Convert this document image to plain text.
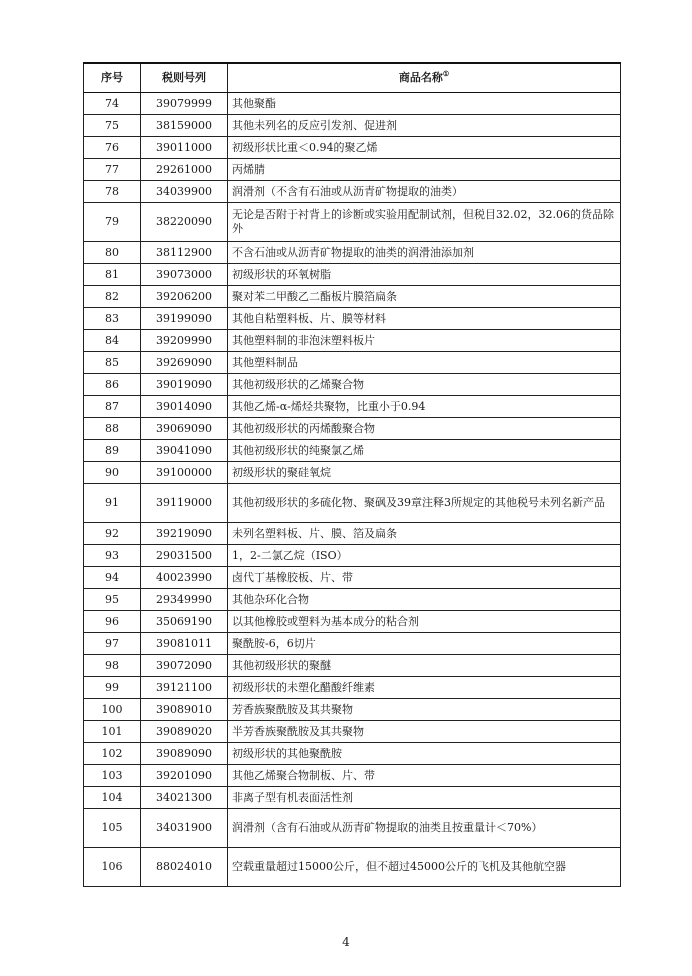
序号	税则号列	商品名称①
74	39079999	其他聚酯
75	38159000	其他未列名的反应引发剂、促进剂
76	39011000	初级形状比重＜0.94的聚乙烯
77	29261000	丙烯腈
78	34039900	润滑剂（不含有石油或从沥青矿物提取的油类）
79	38220090	无论是否附于衬背上的诊断或实验用配制试剂，但税目32.02，32.06的货品除外
80	38112900	不含石油或从沥青矿物提取的油类的润滑油添加剂
81	39073000	初级形状的环氧树脂
82	39206200	聚对苯二甲酸乙二酯板片膜箔扁条
83	39199090	其他自粘塑料板、片、膜等材料
84	39209990	其他塑料制的非泡沫塑料板片
85	39269090	其他塑料制品
86	39019090	其他初级形状的乙烯聚合物
87	39014090	其他乙烯-α-烯烃共聚物，比重小于0.94
88	39069090	其他初级形状的丙烯酸聚合物
89	39041090	其他初级形状的纯聚氯乙烯
90	39100000	初级形状的聚硅氧烷
91	39119000	其他初级形状的多硫化物、聚砜及39章注释3所规定的其他税号未列名新产品
92	39219090	未列名塑料板、片、膜、箔及扁条
93	29031500	1，2-二氯乙烷（ISO）
94	40023990	卤代丁基橡胶板、片、带
95	29349990	其他杂环化合物
96	35069190	以其他橡胶或塑料为基本成分的粘合剂
97	39081011	聚酰胺-6，6切片
98	39072090	其他初级形状的聚醚
99	39121100	初级形状的未塑化醋酸纤维素
100	39089010	芳香族聚酰胺及其共聚物
101	39089020	半芳香族聚酰胺及其共聚物
102	39089090	初级形状的其他聚酰胺
103	39201090	其他乙烯聚合物制板、片、带
104	34021300	非离子型有机表面活性剂
105	34031900	润滑剂（含有石油或从沥青矿物提取的油类且按重量计＜70%）
106	88024010	空载重量超过15000公斤，但不超过45000公斤的飞机及其他航空器
4
